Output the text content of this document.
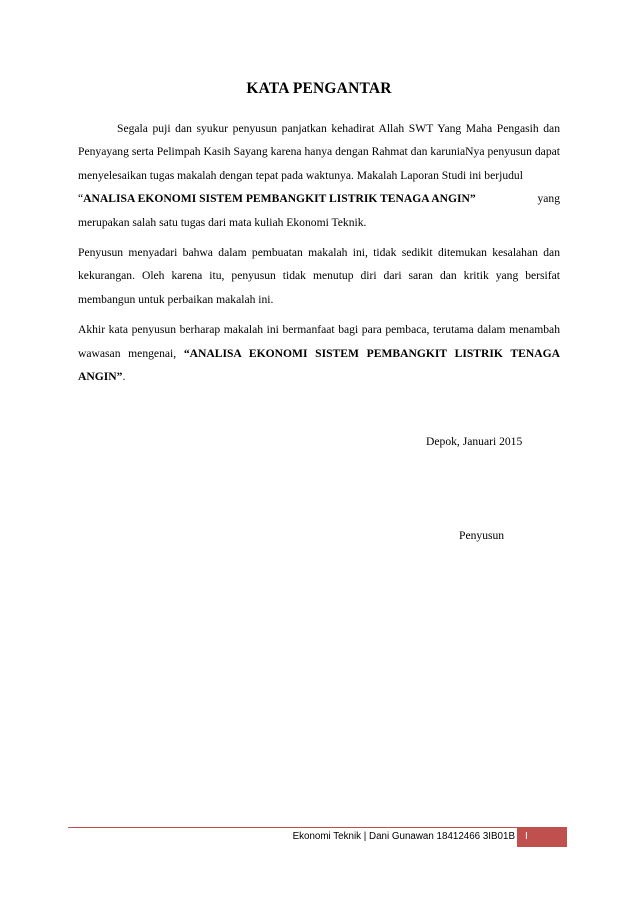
KATA PENGANTAR

Segala puji dan syukur penyusun panjatkan kehadirat Allah SWT Yang Maha Pengasih dan Penyayang serta Pelimpah Kasih Sayang karena hanya dengan Rahmat dan karuniaNya penyusun dapat menyelesaikan tugas makalah dengan tepat pada waktunya. Makalah Laporan Studi ini berjudul

“ANALISA EKONOMI SISTEM PEMBANGKIT LISTRIK TENAGA ANGIN”	yang

merupakan salah satu tugas dari mata kuliah Ekonomi Teknik.

Penyusun menyadari bahwa dalam pembuatan makalah ini, tidak sedikit ditemukan kesalahan dan kekurangan. Oleh karena itu, penyusun tidak menutup diri dari saran dan kritik yang bersifat membangun untuk perbaikan makalah ini.

Akhir kata penyusun berharap makalah ini bermanfaat bagi para pembaca, terutama dalam menambah wawasan mengenai, “ANALISA EKONOMI SISTEM PEMBANGKIT LISTRIK TENAGA ANGIN”.

Depok, Januari 2015
Penyusun
Ekonomi Teknik | Dani Gunawan 18412466 3IB01B	I
